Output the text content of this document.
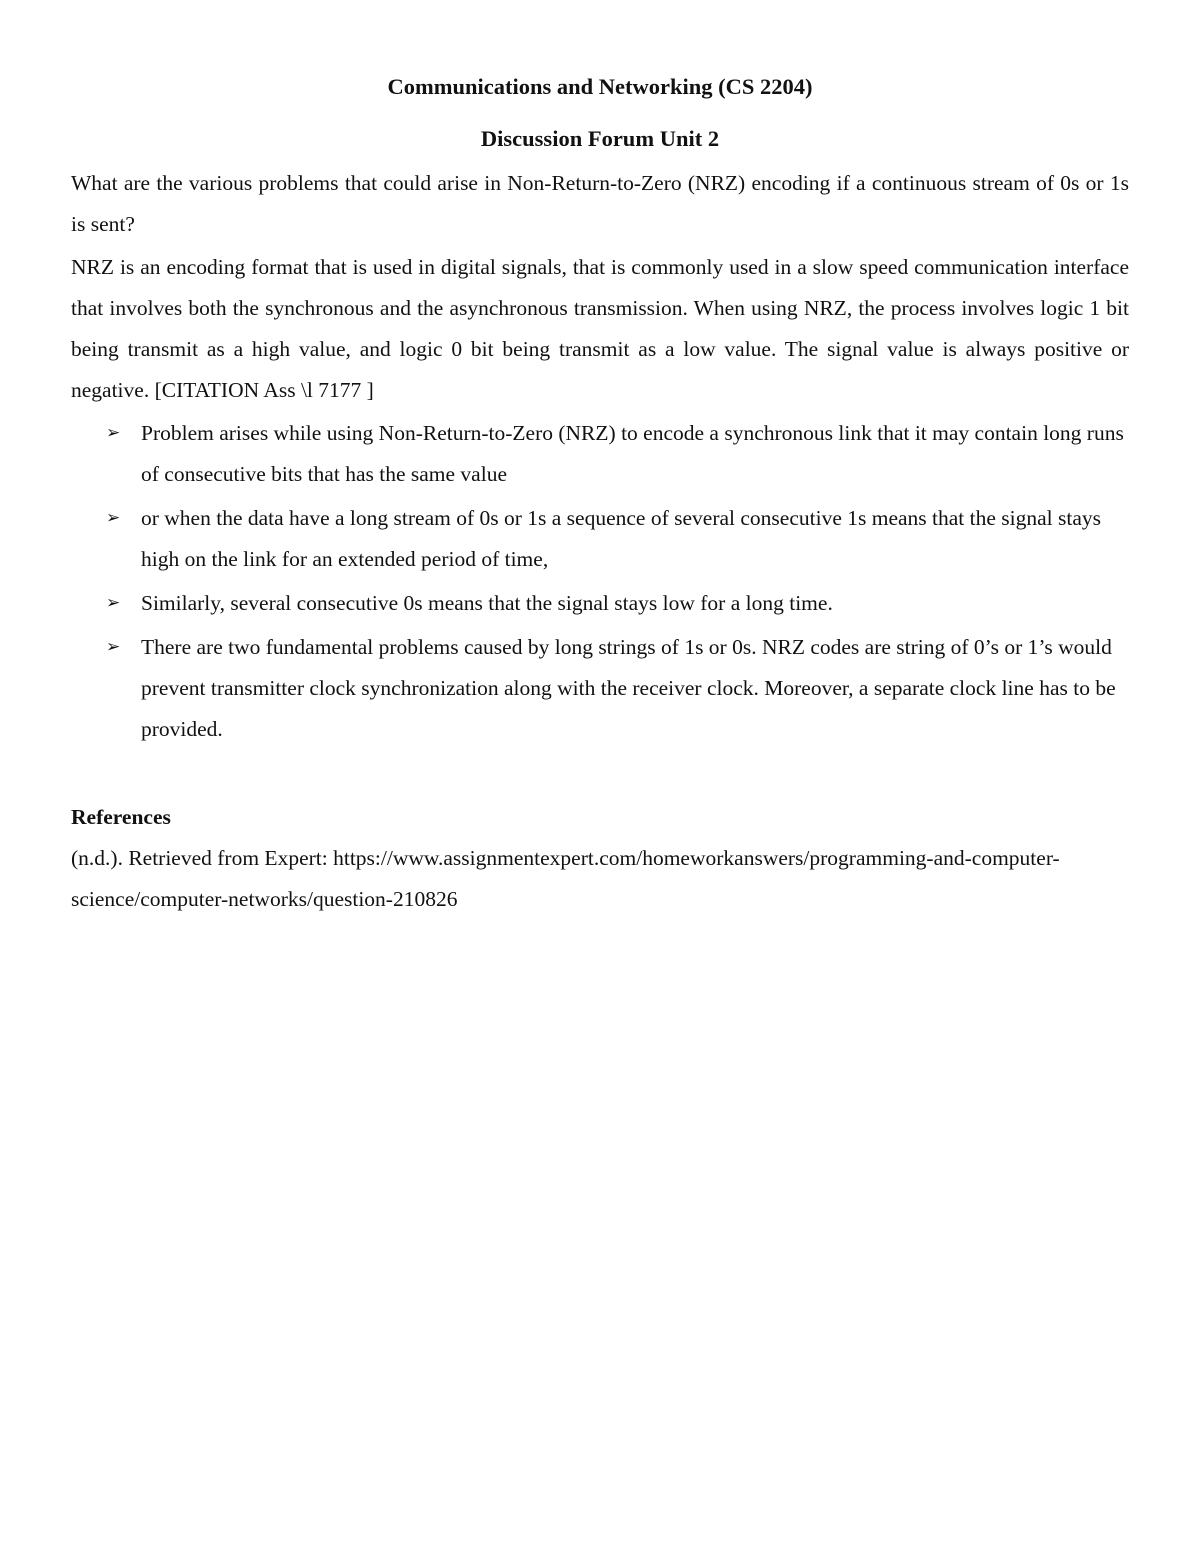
Communications and Networking (CS 2204)
Discussion Forum Unit 2

What are the various problems that could arise in Non-Return-to-Zero (NRZ) encoding if a continuous stream of 0s or 1s is sent?

NRZ is an encoding format that is used in digital signals, that is commonly used in a slow speed communication interface that involves both the synchronous and the asynchronous transmission. When using NRZ, the process involves logic 1 bit being transmit as a high value, and logic 0 bit being transmit as a low value. The signal value is always positive or negative. [CITATION Ass \l 7177 ]

➢ Problem arises while using Non-Return-to-Zero (NRZ) to encode a synchronous link that it may contain long runs of consecutive bits that has the same value
➢ or when the data have a long stream of 0s or 1s a sequence of several consecutive 1s means that the signal stays high on the link for an extended period of time,
➢ Similarly, several consecutive 0s means that the signal stays low for a long time.
➢ There are two fundamental problems caused by long strings of 1s or 0s. NRZ codes are string of 0’s or 1’s would prevent transmitter clock synchronization along with the receiver clock. Moreover, a separate clock line has to be provided.
References

(n.d.). Retrieved from Expert: https://www.assignmentexpert.com/homeworkanswers/programming-and-computer-science/computer-networks/question-210826
